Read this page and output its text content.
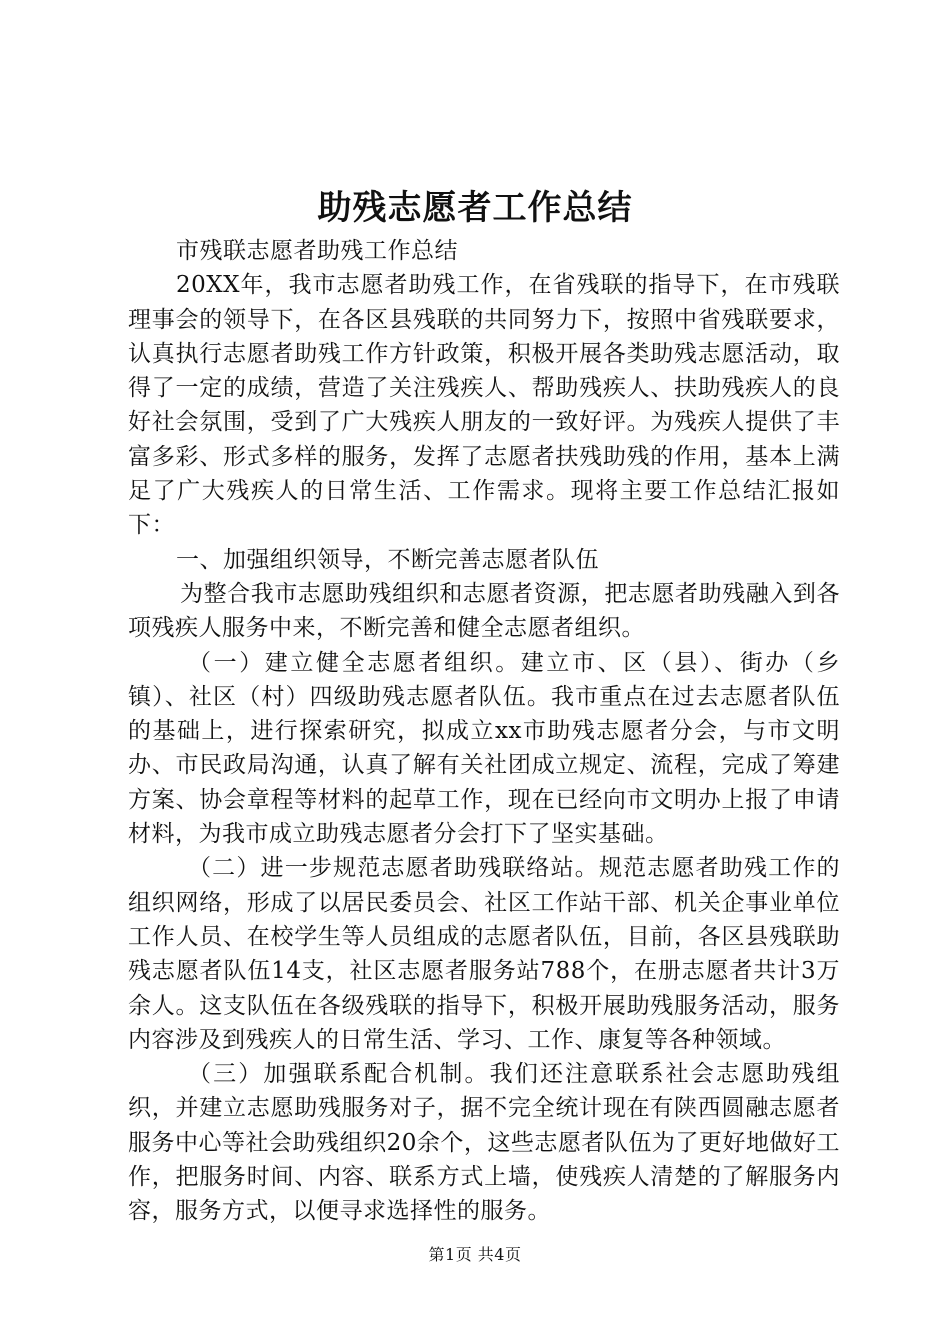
助残志愿者工作总结

市残联志愿者助残工作总结

20XX年，我市志愿者助残工作，在省残联的指导下，在市残联理事会的领导下，在各区县残联的共同努力下，按照中省残联要求，认真执行志愿者助残工作方针政策，积极开展各类助残志愿活动，取得了一定的成绩，营造了关注残疾人、帮助残疾人、扶助残疾人的良好社会氛围，受到了广大残疾人朋友的一致好评。为残疾人提供了丰富多彩、形式多样的服务，发挥了志愿者扶残助残的作用，基本上满足了广大残疾人的日常生活、工作需求。现将主要工作总结汇报如下：

一、加强组织领导，不断完善志愿者队伍

为整合我市志愿助残组织和志愿者资源，把志愿者助残融入到各项残疾人服务中来，不断完善和健全志愿者组织。

（一）建立健全志愿者组织。建立市、区（县）、街办（乡镇）、社区（村）四级助残志愿者队伍。我市重点在过去志愿者队伍的基础上，进行探索研究，拟成立xx市助残志愿者分会，与市文明办、市民政局沟通，认真了解有关社团成立规定、流程，完成了筹建方案、协会章程等材料的起草工作，现在已经向市文明办上报了申请材料，为我市成立助残志愿者分会打下了坚实基础。

（二）进一步规范志愿者助残联络站。规范志愿者助残工作的组织网络，形成了以居民委员会、社区工作站干部、机关企事业单位工作人员、在校学生等人员组成的志愿者队伍，目前，各区县残联助残志愿者队伍14支，社区志愿者服务站788个，在册志愿者共计3万余人。这支队伍在各级残联的指导下，积极开展助残服务活动，服务内容涉及到残疾人的日常生活、学习、工作、康复等各种领域。

（三）加强联系配合机制。我们还注意联系社会志愿助残组织，并建立志愿助残服务对子，据不完全统计现在有陕西圆融志愿者服务中心等社会助残组织20余个，这些志愿者队伍为了更好地做好工作，把服务时间、内容、联系方式上墙，使残疾人清楚的了解服务内容，服务方式，以便寻求选择性的服务。

第1页 共4页
